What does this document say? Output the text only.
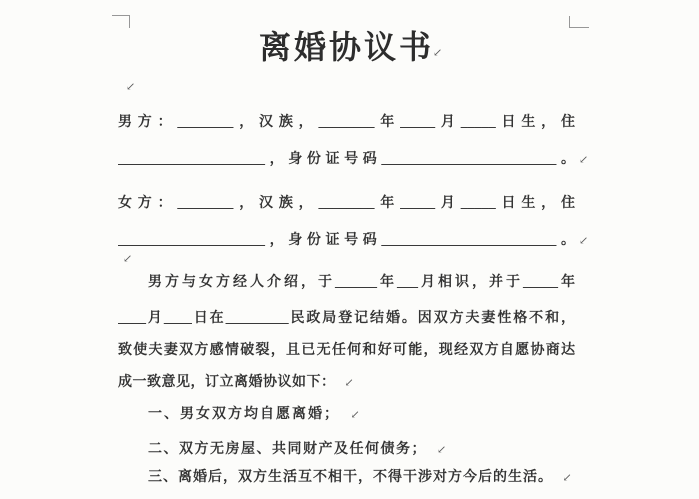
离婚协议书 ↙
↙
男方：________，汉族，________年_____月_____日生，住
_____________________，身份证号码_________________________。 ↙
女方：________，汉族，________年_____月_____日生，住
_____________________，身份证号码_________________________。 ↙
↙
男方与女方经人介绍，于______年___月相识，并于_____年
____月____日在_________民政局登记结婚。因双方夫妻性格不和，
致使夫妻双方感情破裂，且已无任何和好可能，现经双方自愿协商达
成一致意见，订立离婚协议如下： ↙
一、男女双方均自愿离婚； ↙
二、双方无房屋、共同财产及任何债务； ↙
三、离婚后，双方生活互不相干，不得干涉对方今后的生活。 ↙
